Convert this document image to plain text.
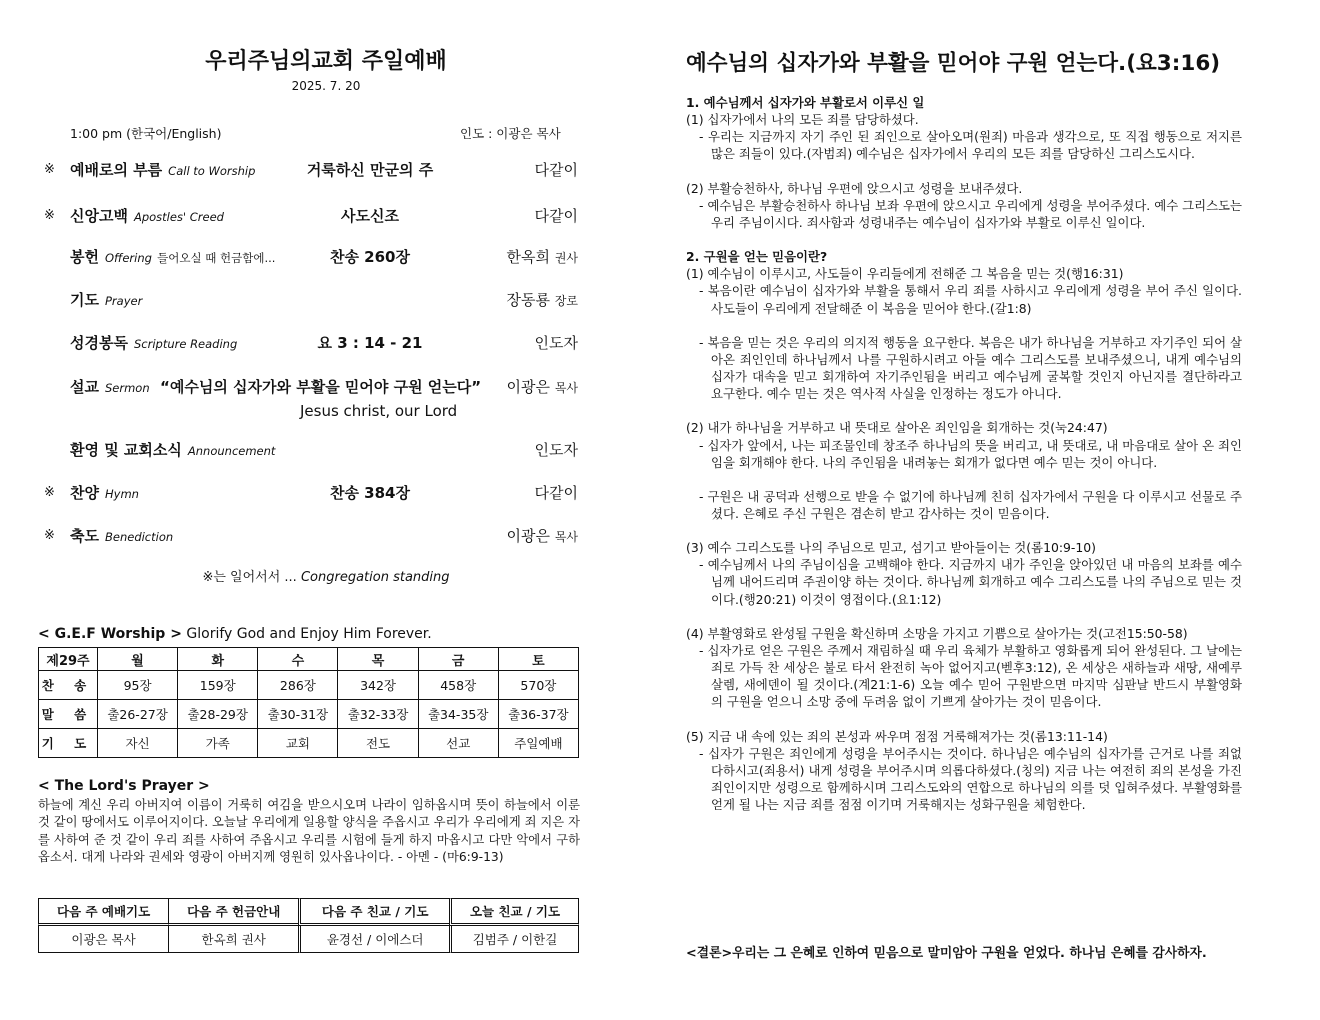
우리주님의교회 주일예배
2025. 7. 20
1:00 pm (한국어/English)	인도 : 이광은 목사
※ 예배로의 부름 Call to Worship	거룩하신 만군의 주	다같이
※ 신앙고백 Apostles' Creed	사도신조	다같이
봉헌 Offering 들어오실 때 헌금함에...	찬송 260장	한옥희 권사
기도 Prayer	장동룡 장로
성경봉독 Scripture Reading	요 3 : 14 - 21	인도자
설교 Sermon “예수님의 십자가와 부활을 믿어야 구원 얻는다” 이광은 목사
Jesus christ, our Lord
환영 및 교회소식 Announcement	인도자
※ 찬양 Hymn	찬송 384장	다같이
※ 축도 Benediction	이광은 목사
※는 일어서서 ... Congregation standing
< G.E.F Worship > Glorify God and Enjoy Him Forever.
제29주	월	화	수	목	금	토
찬 송	95장	159장	286장	342장	458장	570장
말 씀	출26-27장	출28-29장	출30-31장	출32-33장	출34-35장	출36-37장
기 도	자신	가족	교회	전도	선교	주일예배
< The Lord's Prayer >
하늘에 계신 우리 아버지여 이름이 거룩히 여김을 받으시오며 나라이 임하옵시며 뜻이 하늘에서 이룬 것 같이 땅에서도 이루어지이다. 오늘날 우리에게 일용할 양식을 주옵시고 우리가 우리에게 죄 지은 자를 사하여 준 것 같이 우리 죄를 사하여 주옵시고 우리를 시험에 들게 하지 마옵시고 다만 악에서 구하옵소서. 대게 나라와 권세와 영광이 아버지께 영원히 있사옵나이다. - 아멘 - (마6:9-13)
다음 주 예배기도	다음 주 헌금안내	다음 주 친교 / 기도	오늘 친교 / 기도
이광은 목사	한옥희 권사	윤경선 / 이에스더	김범주 / 이한길
예수님의 십자가와 부활을 믿어야 구원 얻는다.(요3:16)

1. 예수님께서 십자가와 부활로서 이루신 일

(1) 십자가에서 나의 모든 죄를 담당하셨다.

- 우리는 지금까지 자기 주인 된 죄인으로 살아오며(원죄) 마음과 생각으로, 또 직접 행동으로 저지른 많은 죄들이 있다.(자범죄) 예수님은 십자가에서 우리의 모든 죄를 담당하신 그리스도시다.

(2) 부활승천하사, 하나님 우편에 앉으시고 성령을 보내주셨다.

- 예수님은 부활승천하사 하나님 보좌 우편에 앉으시고 우리에게 성령을 부어주셨다. 예수 그리스도는 우리 주님이시다. 죄사함과 성령내주는 예수님이 십자가와 부활로 이루신 일이다.

2. 구원을 얻는 믿음이란?

(1) 예수님이 이루시고, 사도들이 우리들에게 전해준 그 복음을 믿는 것(행16:31)

- 복음이란 예수님이 십자가와 부활을 통해서 우리 죄를 사하시고 우리에게 성령을 부어 주신 일이다. 사도들이 우리에게 전달해준 이 복음을 믿어야 한다.(갈1:8)

- 복음을 믿는 것은 우리의 의지적 행동을 요구한다. 복음은 내가 하나님을 거부하고 자기주인 되어 살아온 죄인인데 하나님께서 나를 구원하시려고 아들 예수 그리스도를 보내주셨으니, 내게 예수님의 십자가 대속을 믿고 회개하여 자기주인됨을 버리고 예수님께 굴복할 것인지 아닌지를 결단하라고 요구한다. 예수 믿는 것은 역사적 사실을 인정하는 정도가 아니다.

(2) 내가 하나님을 거부하고 내 뜻대로 살아온 죄인임을 회개하는 것(눅24:47)

- 십자가 앞에서, 나는 피조물인데 창조주 하나님의 뜻을 버리고, 내 뜻대로, 내 마음대로 살아 온 죄인임을 회개해야 한다. 나의 주인됨을 내려놓는 회개가 없다면 예수 믿는 것이 아니다.

- 구원은 내 공덕과 선행으로 받을 수 없기에 하나님께 친히 십자가에서 구원을 다 이루시고 선물로 주셨다. 은혜로 주신 구원은 겸손히 받고 감사하는 것이 믿음이다.

(3) 예수 그리스도를 나의 주님으로 믿고, 섬기고 받아들이는 것(롬10:9-10)

- 예수님께서 나의 주님이심을 고백해야 한다. 지금까지 내가 주인을 앉아있던 내 마음의 보좌를 예수님께 내어드리며 주권이양 하는 것이다. 하나님께 회개하고 예수 그리스도를 나의 주님으로 믿는 것이다.(행20:21) 이것이 영접이다.(요1:12)

(4) 부활영화로 완성될 구원을 확신하며 소망을 가지고 기쁨으로 살아가는 것(고전15:50-58)

- 십자가로 얻은 구원은 주께서 재림하실 때 우리 육체가 부활하고 영화롭게 되어 완성된다. 그 날에는 죄로 가득 찬 세상은 불로 타서 완전히 녹아 없어지고(벧후3:12), 온 세상은 새하늘과 새땅, 새예루살렘, 새에덴이 될 것이다.(계21:1-6) 오늘 예수 믿어 구원받으면 마지막 심판날 반드시 부활영화의 구원을 얻으니 소망 중에 두려움 없이 기쁘게 살아가는 것이 믿음이다.

(5) 지금 내 속에 있는 죄의 본성과 싸우며 점점 거룩해져가는 것(롬13:11-14)

- 십자가 구원은 죄인에게 성령을 부어주시는 것이다. 하나님은 예수님의 십자가를 근거로 나를 죄없다하시고(죄용서) 내게 성령을 부어주시며 의롭다하셨다.(칭의) 지금 나는 여전히 죄의 본성을 가진 죄인이지만 성령으로 함께하시며 그리스도와의 연합으로 하나님의 의를 덧 입혀주셨다. 부활영화를 얻게 될 나는 지금 죄를 점점 이기며 거룩해지는 성화구원을 체험한다.

<결론>우리는 그 은혜로 인하여 믿음으로 말미암아 구원을 얻었다. 하나님 은혜를 감사하자.
